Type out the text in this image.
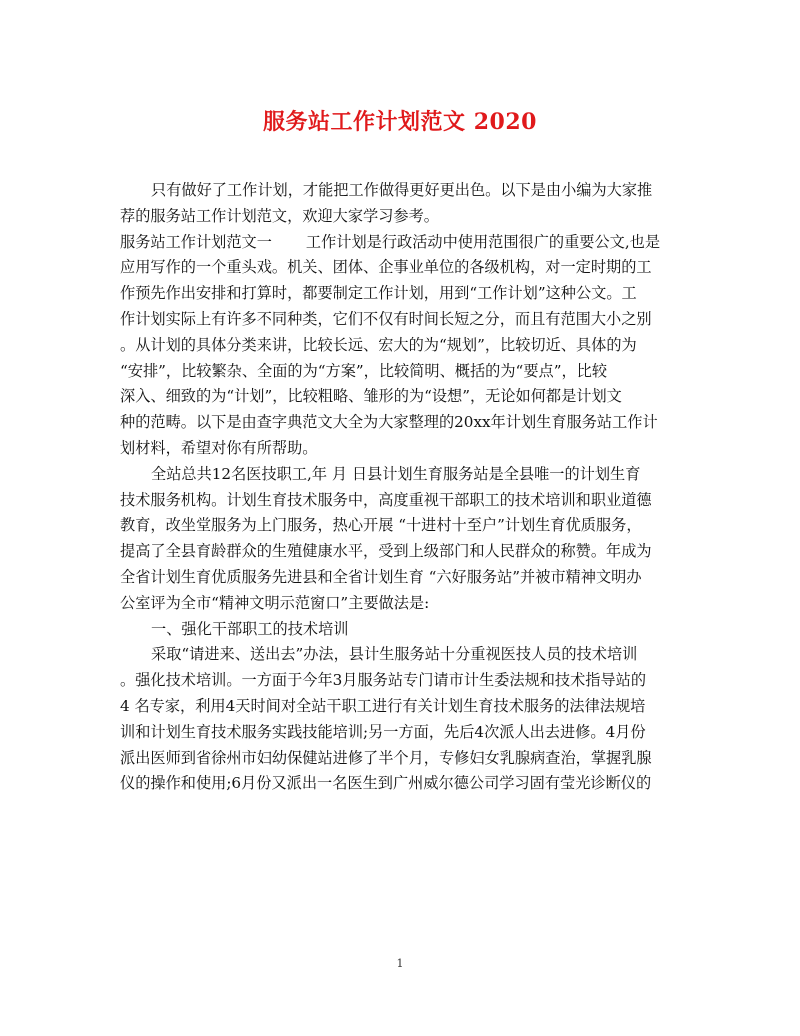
服务站工作计划范文 2020
只有做好了工作计划，才能把工作做得更好更出色。以下是由小编为大家推
荐的服务站工作计划范文，欢迎大家学习参考。
服务站工作计划范文一 工作计划是行政活动中使用范围很广的重要公文,也是
应用写作的一个重头戏。机关、团体、企事业单位的各级机构，对一定时期的工
作预先作出安排和打算时，都要制定工作计划，用到“工作计划”这种公文。工
作计划实际上有许多不同种类，它们不仅有时间长短之分，而且有范围大小之别
。从计划的具体分类来讲，比较长远、宏大的为“规划”，比较切近、具体的为
“安排”，比较繁杂、全面的为“方案”，比较简明、概括的为“要点”，比较
深入、细致的为“计划”，比较粗略、雏形的为“设想”，无论如何都是计划文
种的范畴。以下是由查字典范文大全为大家整理的20xx年计划生育服务站工作计
划材料，希望对你有所帮助。
全站总共12名医技职工,年 月 日县计划生育服务站是全县唯一的计划生育
技术服务机构。计划生育技术服务中，高度重视干部职工的技术培训和职业道德
教育，改坐堂服务为上门服务，热心开展 “十进村十至户”计划生育优质服务，
提高了全县育龄群众的生殖健康水平，受到上级部门和人民群众的称赞。年成为
全省计划生育优质服务先进县和全省计划生育 “六好服务站”并被市精神文明办
公室评为全市“精神文明示范窗口”主要做法是:
一、强化干部职工的技术培训
采取“请进来、送出去”办法，县计生服务站十分重视医技人员的技术培训
。强化技术培训。一方面于今年3月服务站专门请市计生委法规和技术指导站的
4 名专家，利用4天时间对全站干职工进行有关计划生育技术服务的法律法规培
训和计划生育技术服务实践技能培训;另一方面，先后4次派人出去进修。4月份
派出医师到省徐州市妇幼保健站进修了半个月，专修妇女乳腺病查治，掌握乳腺
仪的操作和使用;6月份又派出一名医生到广州威尔德公司学习固有莹光诊断仪的
1
